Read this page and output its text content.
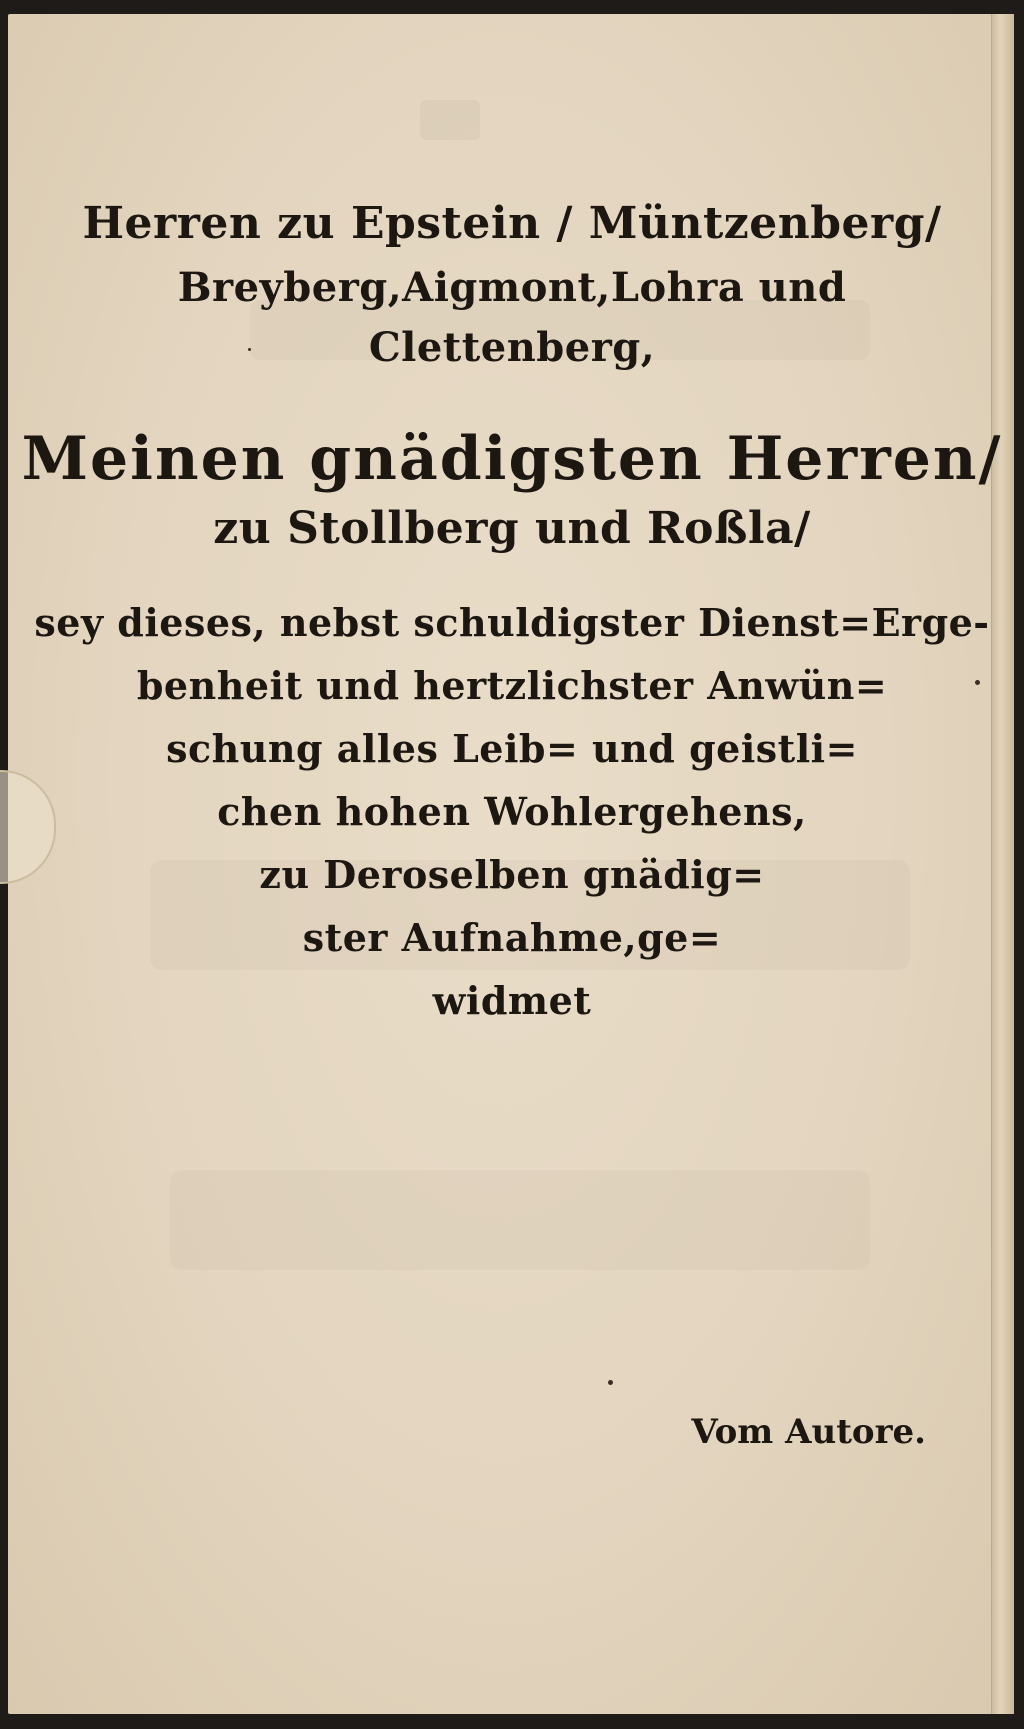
Herren zu Epstein / Müntzenberg/
Breyberg,Aigmont,Lohra und
Clettenberg,
Meinen gnädigsten Herren/
zu Stollberg und Roßla/
sey dieses, nebst schuldigster Dienst=Erge-
benheit und hertzlichster Anwün=
schung alles Leib= und geistli=
chen hohen Wohlergehens,
zu Deroselben gnädig=
ster Aufnahme,ge=
widmet
Vom Autore.
